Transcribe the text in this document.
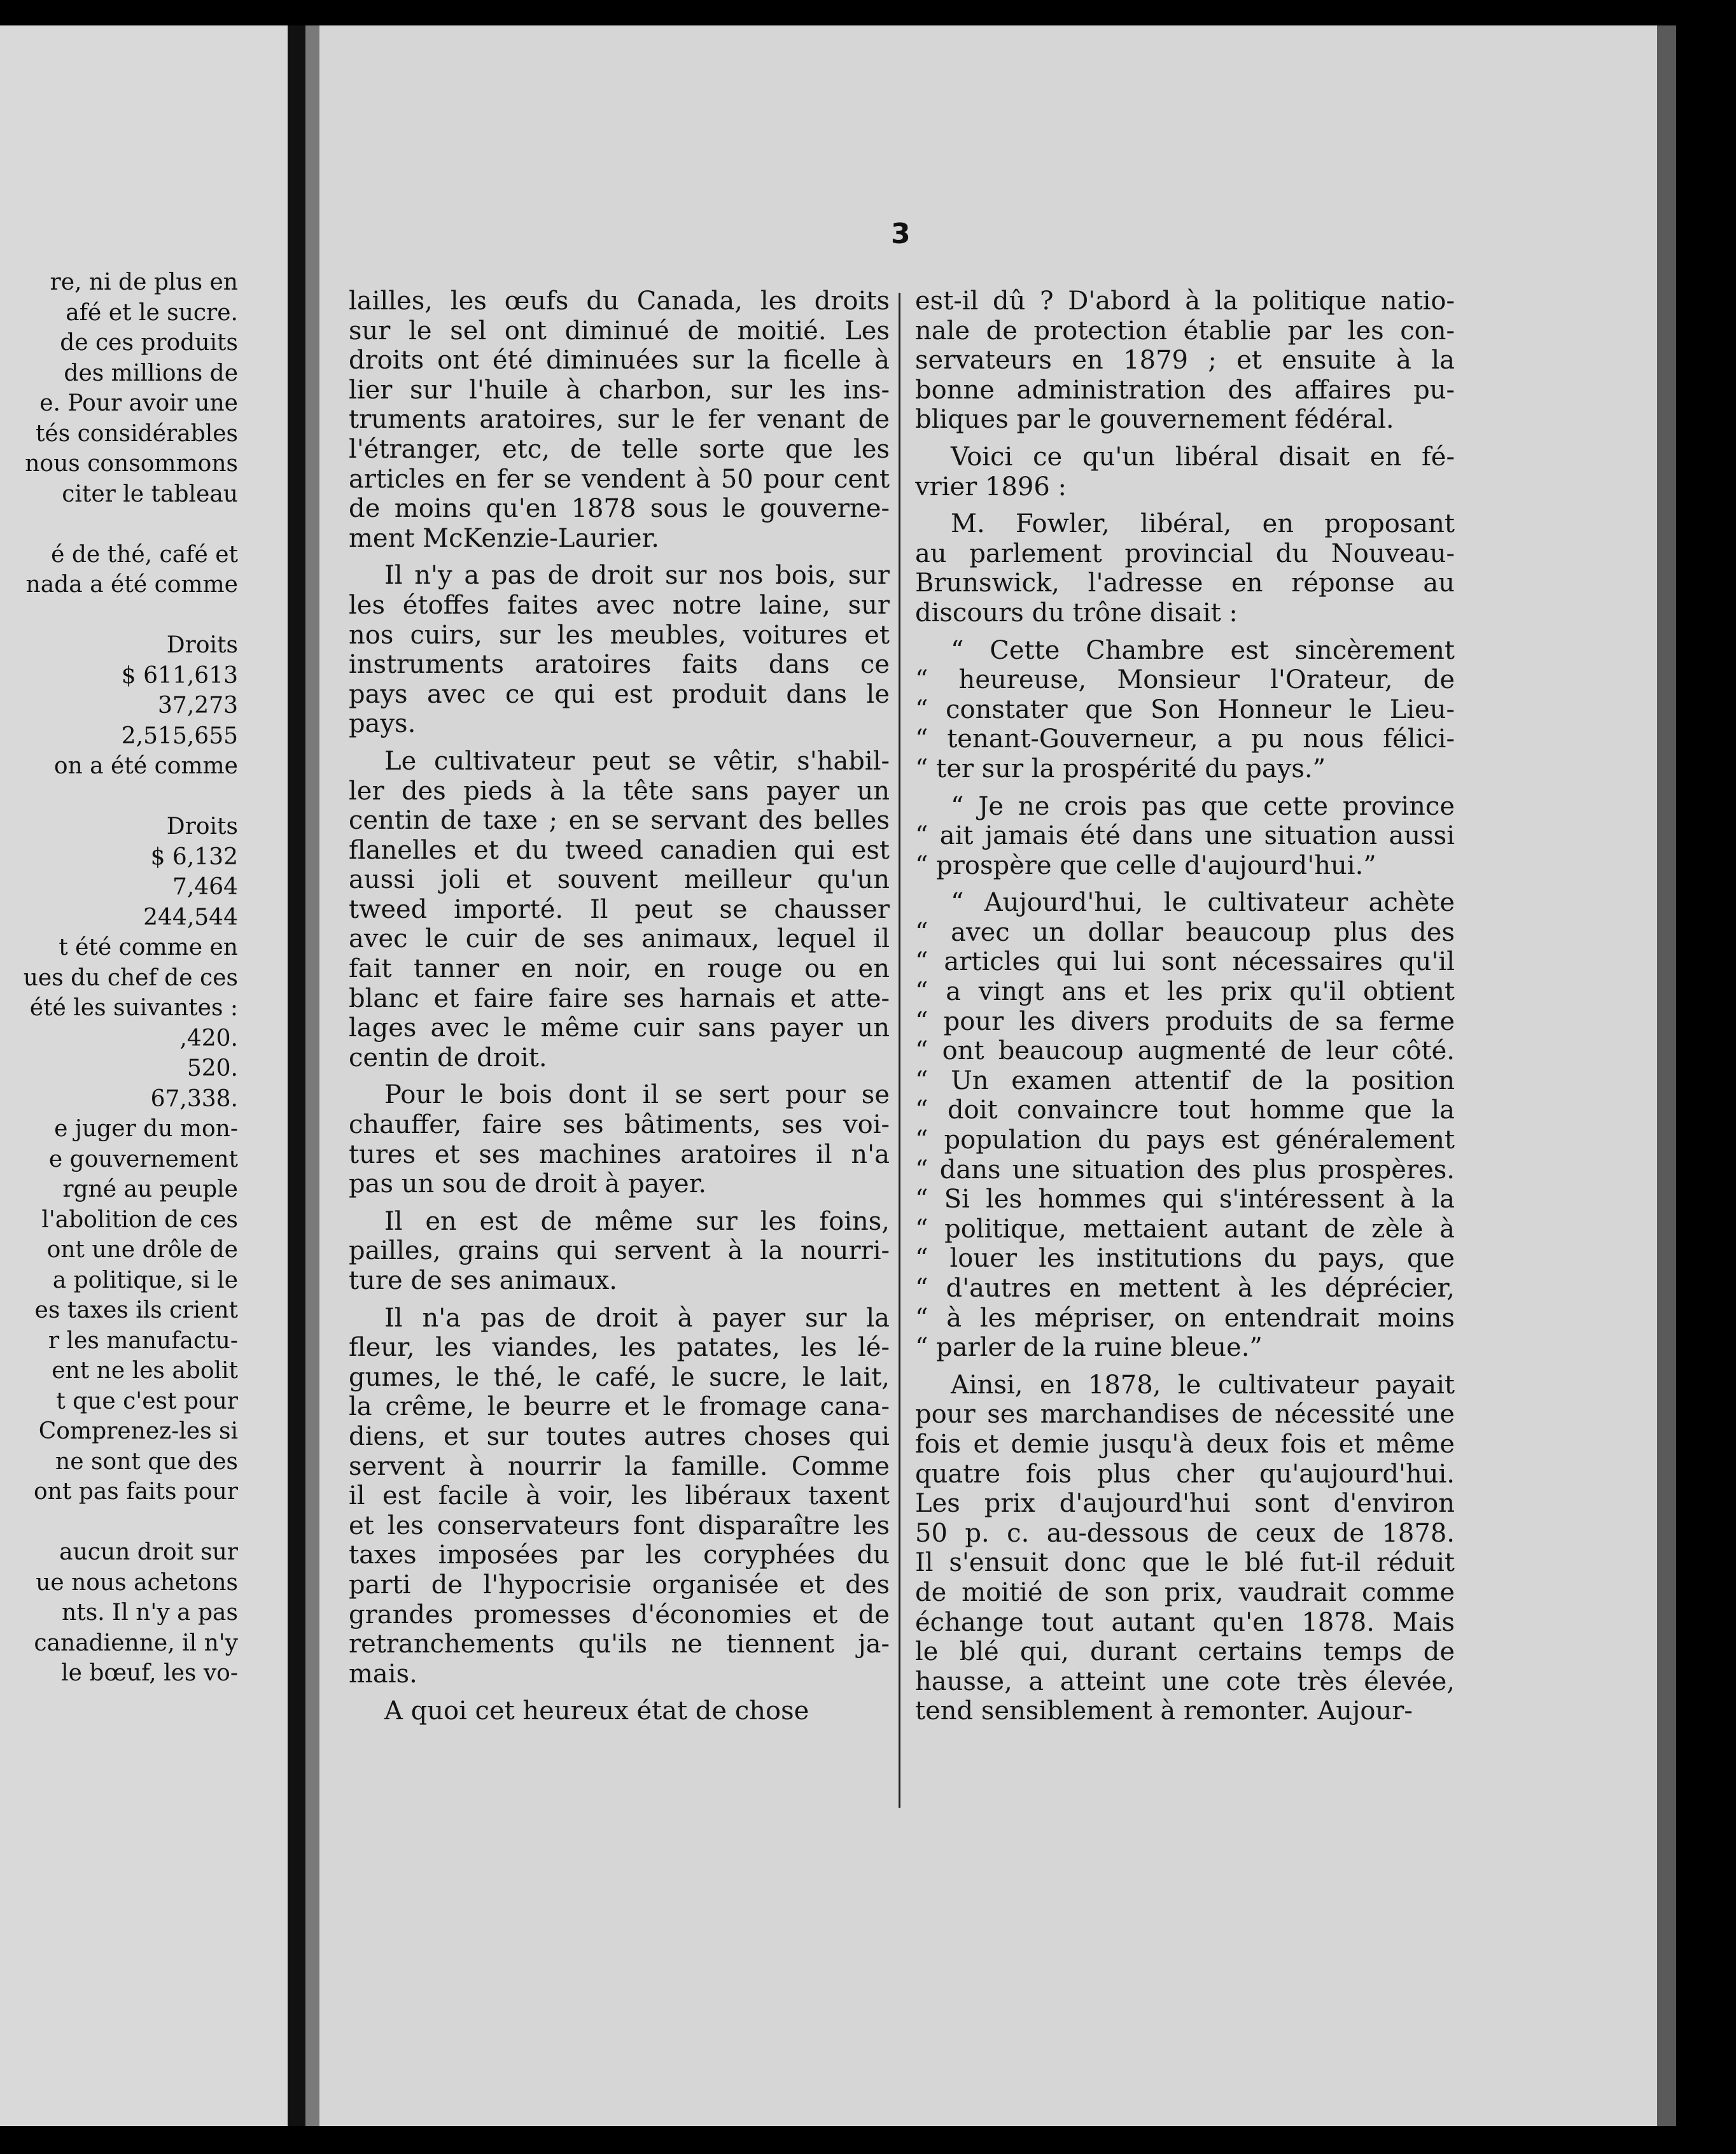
re, ni de plus en
afé et le sucre.
de ces produits
des millions de
e. Pour avoir une
tés considérables
nous consommons
citer le tableau
é de thé, café et
nada a été comme
Droits
$ 611,613
37,273
2,515,655
on a été comme
Droits
$ 6,132
7,464
244,544
t été comme en
ues du chef de ces
été les suivantes :
,420.
520.
67,338.
e juger du mon-
e gouvernement
rgné au peuple
l'abolition de ces
ont une drôle de
a politique, si le
es taxes ils crient
r les manufactu-
ent ne les abolit
t que c'est pour
Comprenez-les si
ne sont que des
ont pas faits pour
aucun droit sur
ue nous achetons
nts. Il n'y a pas
canadienne, il n'y
le bœuf, les vo-
3
lailles, les œufs du Canada, les droits
sur le sel ont diminué de moitié. Les
droits ont été diminuées sur la ficelle à
lier sur l'huile à charbon, sur les ins-
truments aratoires, sur le fer venant de
l'étranger, etc, de telle sorte que les
articles en fer se vendent à 50 pour cent
de moins qu'en 1878 sous le gouverne-
ment McKenzie-Laurier.
Il n'y a pas de droit sur nos bois, sur
les étoffes faites avec notre laine, sur
nos cuirs, sur les meubles, voitures et
instruments aratoires faits dans ce
pays avec ce qui est produit dans le
pays.
Le cultivateur peut se vêtir, s'habil-
ler des pieds à la tête sans payer un
centin de taxe ; en se servant des belles
flanelles et du tweed canadien qui est
aussi joli et souvent meilleur qu'un
tweed importé. Il peut se chausser
avec le cuir de ses animaux, lequel il
fait tanner en noir, en rouge ou en
blanc et faire faire ses harnais et atte-
lages avec le même cuir sans payer un
centin de droit.
Pour le bois dont il se sert pour se
chauffer, faire ses bâtiments, ses voi-
tures et ses machines aratoires il n'a
pas un sou de droit à payer.
Il en est de même sur les foins,
pailles, grains qui servent à la nourri-
ture de ses animaux.
Il n'a pas de droit à payer sur la
fleur, les viandes, les patates, les lé-
gumes, le thé, le café, le sucre, le lait,
la crême, le beurre et le fromage cana-
diens, et sur toutes autres choses qui
servent à nourrir la famille. Comme
il est facile à voir, les libéraux taxent
et les conservateurs font disparaître les
taxes imposées par les coryphées du
parti de l'hypocrisie organisée et des
grandes promesses d'économies et de
retranchements qu'ils ne tiennent ja-
mais.
A quoi cet heureux état de chose
est-il dû ? D'abord à la politique natio-
nale de protection établie par les con-
servateurs en 1879 ; et ensuite à la
bonne administration des affaires pu-
bliques par le gouvernement fédéral.
Voici ce qu'un libéral disait en fé-
vrier 1896 :
M. Fowler, libéral, en proposant
au parlement provincial du Nouveau-
Brunswick, l'adresse en réponse au
discours du trône disait :
“ Cette Chambre est sincèrement
“ heureuse, Monsieur l'Orateur, de
“ constater que Son Honneur le Lieu-
“ tenant-Gouverneur, a pu nous félici-
“ ter sur la prospérité du pays.”
“ Je ne crois pas que cette province
“ ait jamais été dans une situation aussi
“ prospère que celle d'aujourd'hui.”
“ Aujourd'hui, le cultivateur achète
“ avec un dollar beaucoup plus des
“ articles qui lui sont nécessaires qu'il
“ a vingt ans et les prix qu'il obtient
“ pour les divers produits de sa ferme
“ ont beaucoup augmenté de leur côté.
“ Un examen attentif de la position
“ doit convaincre tout homme que la
“ population du pays est généralement
“ dans une situation des plus prospères.
“ Si les hommes qui s'intéressent à la
“ politique, mettaient autant de zèle à
“ louer les institutions du pays, que
“ d'autres en mettent à les déprécier,
“ à les mépriser, on entendrait moins
“ parler de la ruine bleue.”
Ainsi, en 1878, le cultivateur payait
pour ses marchandises de nécessité une
fois et demie jusqu'à deux fois et même
quatre fois plus cher qu'aujourd'hui.
Les prix d'aujourd'hui sont d'environ
50 p. c. au-dessous de ceux de 1878.
Il s'ensuit donc que le blé fut-il réduit
de moitié de son prix, vaudrait comme
échange tout autant qu'en 1878. Mais
le blé qui, durant certains temps de
hausse, a atteint une cote très élevée,
tend sensiblement à remonter. Aujour-
